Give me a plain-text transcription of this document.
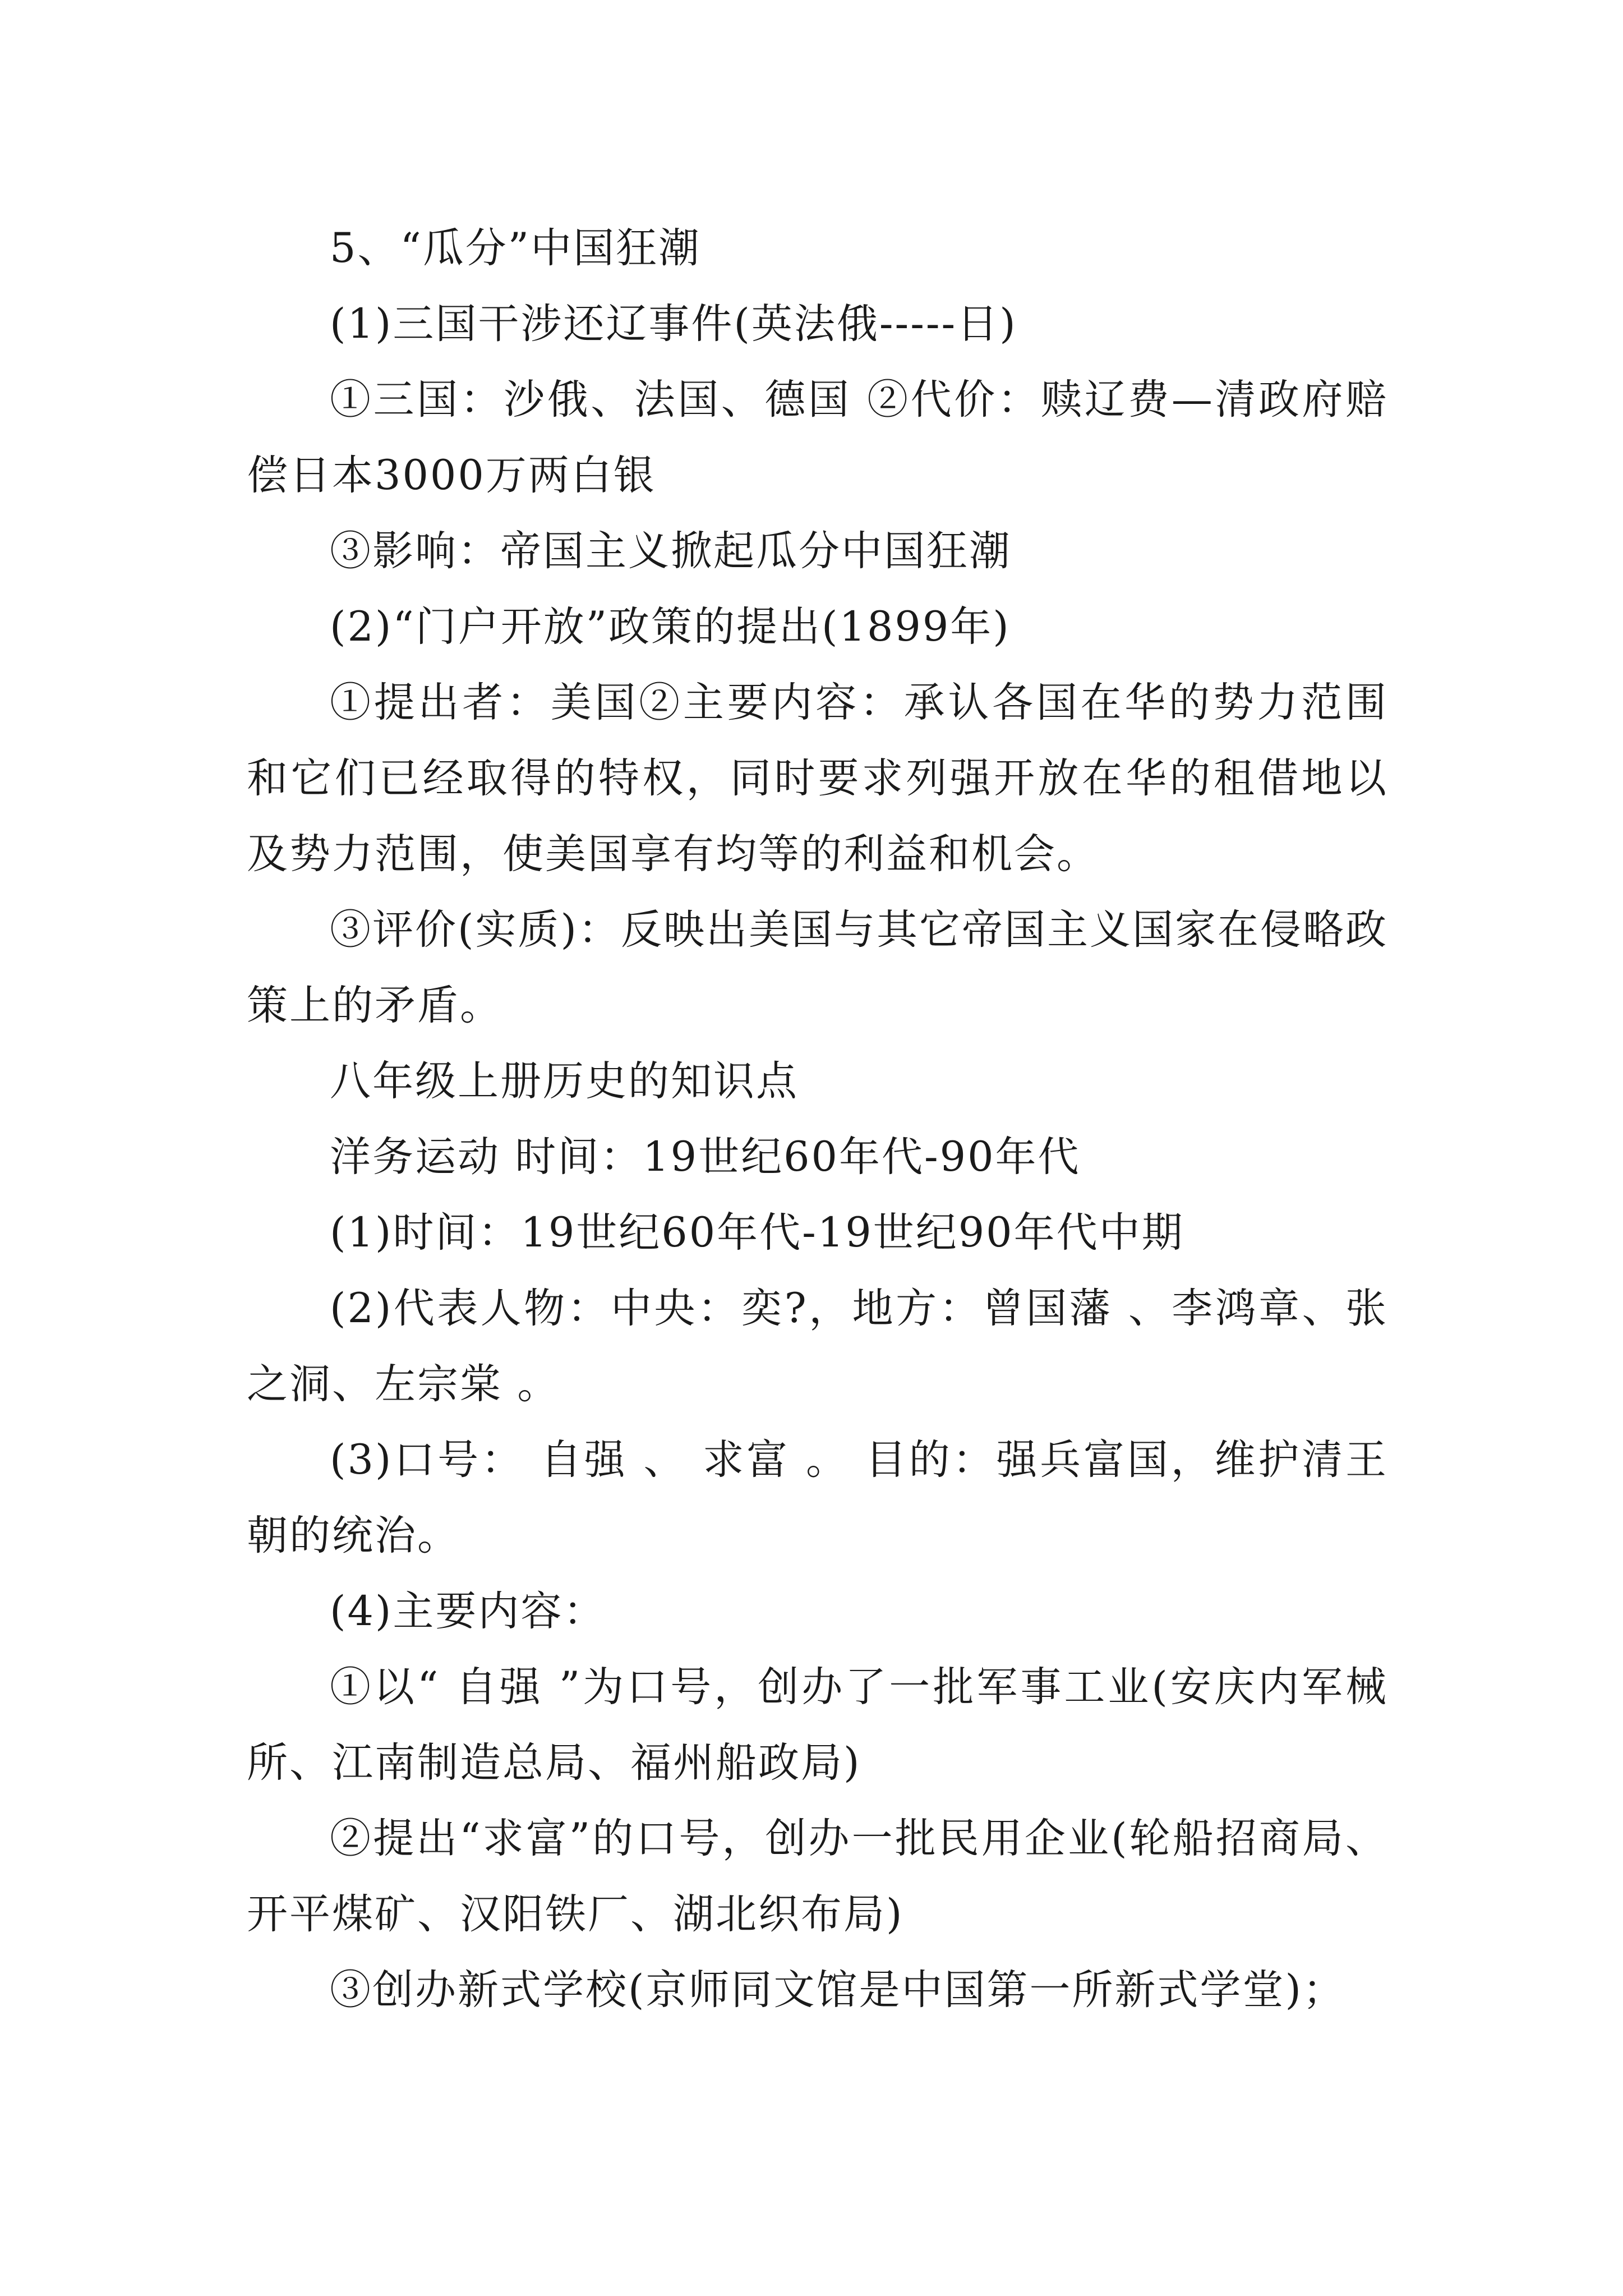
5、“瓜分”中国狂潮

(1)三国干涉还辽事件(英法俄-----日)

①三国：沙俄、法国、德国 ②代价：赎辽费—清政府赔偿日本3000万两白银

③影响：帝国主义掀起瓜分中国狂潮

(2)“门户开放”政策的提出(1899年)

①提出者：美国②主要内容：承认各国在华的势力范围和它们已经取得的特权，同时要求列强开放在华的租借地以及势力范围，使美国享有均等的利益和机会。

③评价(实质)：反映出美国与其它帝国主义国家在侵略政策上的矛盾。

八年级上册历史的知识点

洋务运动 时间：19世纪60年代-90年代

(1)时间：19世纪60年代-19世纪90年代中期

(2)代表人物：中央：奕?，地方：曾国藩 、李鸿章、张之洞、左宗棠 。

(3)口号： 自强 、 求富 。 目的：强兵富国，维护清王朝的统治。

(4)主要内容：

①以“ 自强 ”为口号，创办了一批军事工业(安庆内军械所、江南制造总局、福州船政局)

②提出“求富”的口号，创办一批民用企业(轮船招商局、开平煤矿、汉阳铁厂、湖北织布局)

③创办新式学校(京师同文馆是中国第一所新式学堂)；
